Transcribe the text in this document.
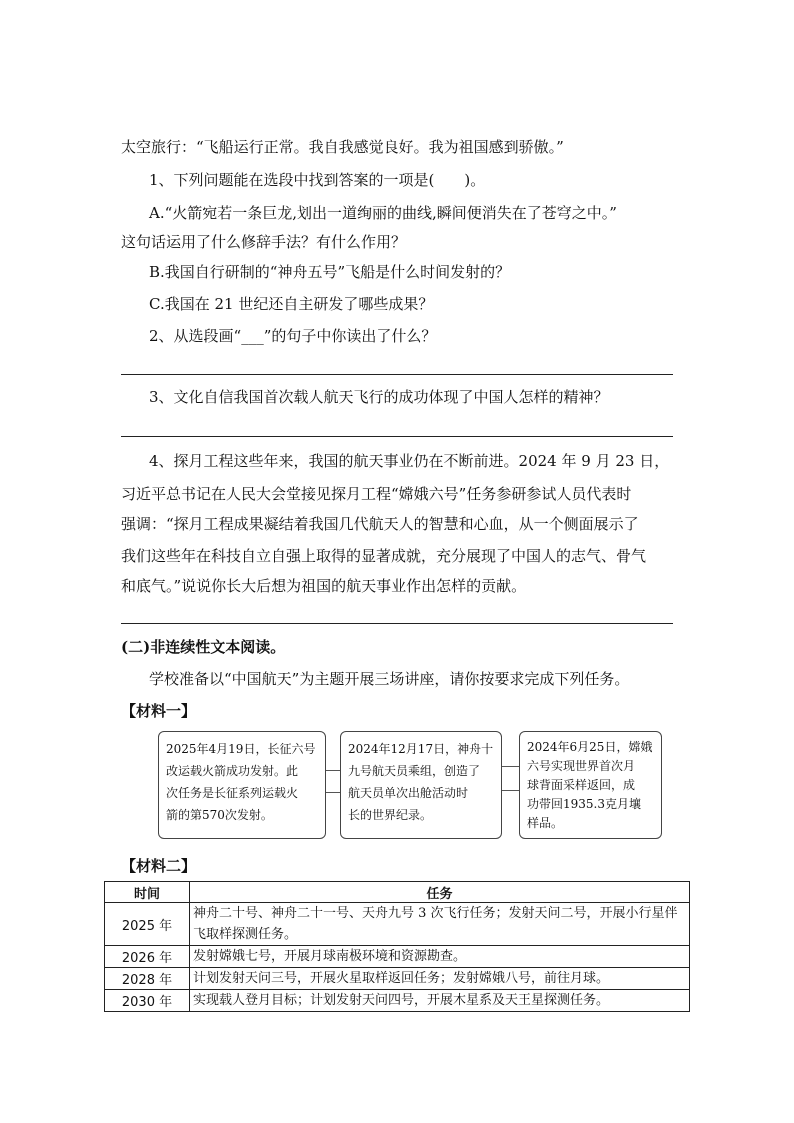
太空旅行：“飞船运行正常。我自我感觉良好。我为祖国感到骄傲。”
1、下列问题能在选段中找到答案的一项是(　　)。
A.“火箭宛若一条巨龙,划出一道绚丽的曲线,瞬间便消失在了苍穹之中。”
这句话运用了什么修辞手法？有什么作用？
B.我国自行研制的“神舟五号”飞船是什么时间发射的？
C.我国在 21 世纪还自主研发了哪些成果？
2、从选段画“___”的句子中你读出了什么？
3、文化自信我国首次载人航天飞行的成功体现了中国人怎样的精神？
4、探月工程这些年来，我国的航天事业仍在不断前进。2024 年 9 月 23 日，
习近平总书记在人民大会堂接见探月工程“嫦娥六号”任务参研参试人员代表时
强调：“探月工程成果凝结着我国几代航天人的智慧和心血，从一个侧面展示了
我们这些年在科技自立自强上取得的显著成就，充分展现了中国人的志气、骨气
和底气。”说说你长大后想为祖国的航天事业作出怎样的贡献。
(二)非连续性文本阅读。
学校准备以“中国航天”为主题开展三场讲座，请你按要求完成下列任务。
【材料一】
2025年4月19日，长征六号
改运载火箭成功发射。此
次任务是长征系列运载火
箭的第570次发射。
2024年12月17日，神舟十
九号航天员乘组，创造了
航天员单次出舱活动时
长的世界纪录。
2024年6月25日，嫦娥
六号实现世界首次月
球背面采样返回，成
功带回1935.3克月壤
样品。
【材料二】
时间	任务
2025 年	神舟二十号、神舟二十一号、天舟九号 3 次飞行任务；发射天问二号，开展小行星伴飞取样探测任务。
2026 年	发射嫦娥七号，开展月球南极环境和资源勘查。
2028 年	计划发射天问三号，开展火星取样返回任务；发射嫦娥八号，前往月球。
2030 年	实现载人登月目标；计划发射天问四号，开展木星系及天王星探测任务。
